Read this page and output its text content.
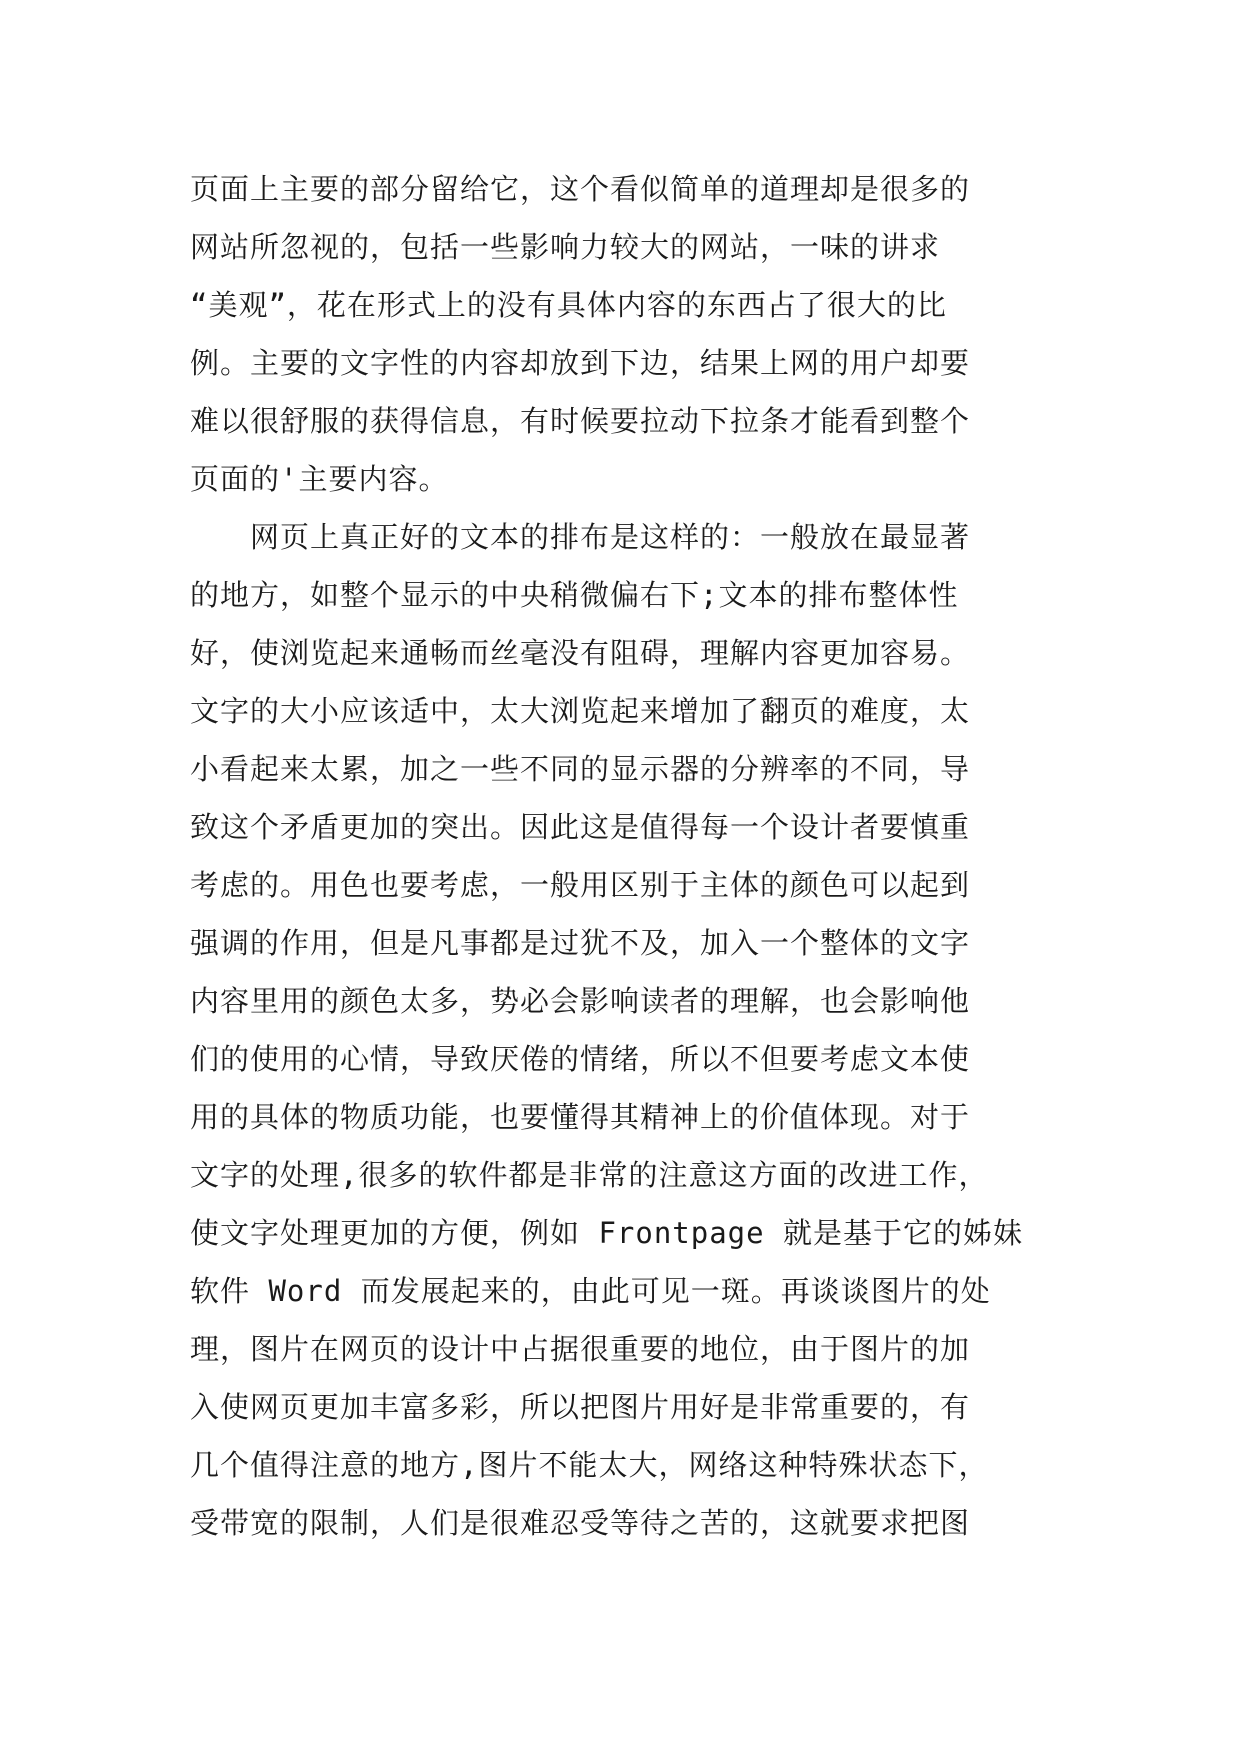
页面上主要的部分留给它，这个看似简单的道理却是很多的
网站所忽视的，包括一些影响力较大的网站，一味的讲求
“美观”，花在形式上的没有具体内容的东西占了很大的比
例。主要的文字性的内容却放到下边，结果上网的用户却要
难以很舒服的获得信息，有时候要拉动下拉条才能看到整个
页面的'主要内容。
　　网页上真正好的文本的排布是这样的：一般放在最显著
的地方，如整个显示的中央稍微偏右下;文本的排布整体性
好，使浏览起来通畅而丝毫没有阻碍，理解内容更加容易。
文字的大小应该适中，太大浏览起来增加了翻页的难度，太
小看起来太累，加之一些不同的显示器的分辨率的不同，导
致这个矛盾更加的突出。因此这是值得每一个设计者要慎重
考虑的。用色也要考虑，一般用区别于主体的颜色可以起到
强调的作用，但是凡事都是过犹不及，加入一个整体的文字
内容里用的颜色太多，势必会影响读者的理解，也会影响他
们的使用的心情，导致厌倦的情绪，所以不但要考虑文本使
用的具体的物质功能，也要懂得其精神上的价值体现。对于
文字的处理,很多的软件都是非常的注意这方面的改进工作，
使文字处理更加的方便，例如 Frontpage 就是基于它的姊妹
软件 Word 而发展起来的，由此可见一斑。再谈谈图片的处
理，图片在网页的设计中占据很重要的地位，由于图片的加
入使网页更加丰富多彩，所以把图片用好是非常重要的，有
几个值得注意的地方,图片不能太大，网络这种特殊状态下，
受带宽的限制，人们是很难忍受等待之苦的，这就要求把图
